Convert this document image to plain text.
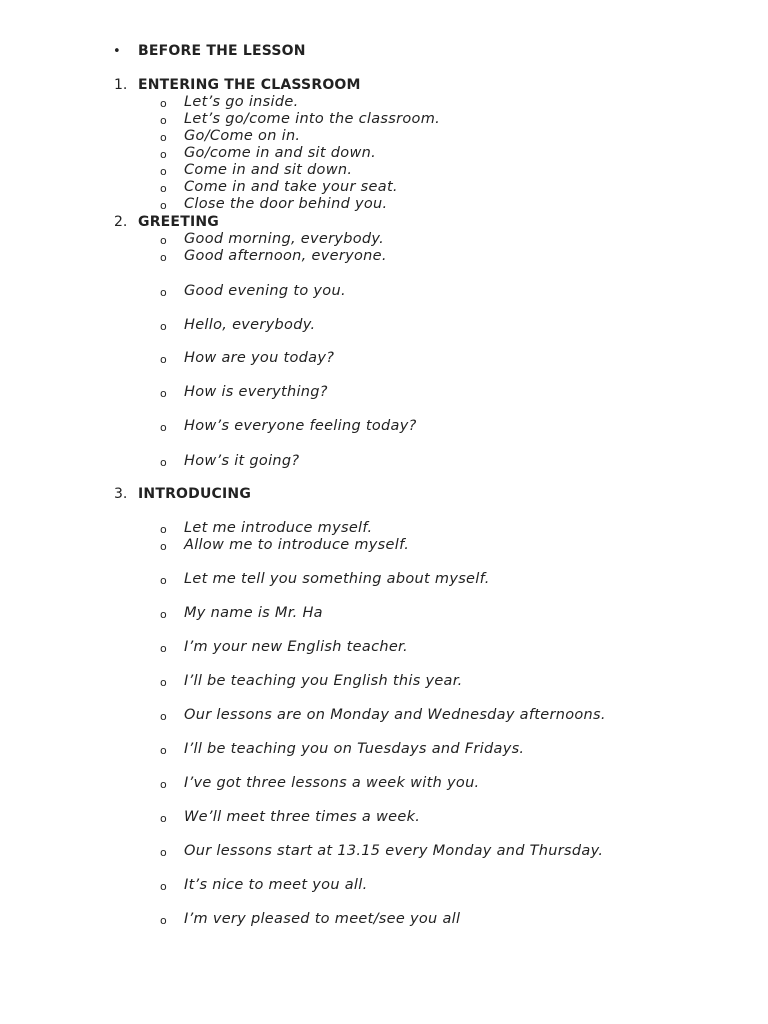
• BEFORE THE LESSON
1. ENTERING THE CLASSROOM
o Let’s go inside.
o Let’s go/come into the classroom.
o Go/Come on in.
o Go/come in and sit down.
o Come in and sit down.
o Come in and take your seat.
o Close the door behind you.
2. GREETING
o Good morning, everybody.
o Good afternoon, everyone.
o Good evening to you.
o Hello, everybody.
o How are you today?
o How is everything?
o How’s everyone feeling today?
o How’s it going?
3. INTRODUCING
o Let me introduce myself.
o Allow me to introduce myself.
o Let me tell you something about myself.
o My name is Mr. Ha
o I’m your new English teacher.
o I’ll be teaching you English this year.
o Our lessons are on Monday and Wednesday afternoons.
o I’ll be teaching you on Tuesdays and Fridays.
o I’ve got three lessons a week with you.
o We’ll meet three times a week.
o Our lessons start at 13.15 every Monday and Thursday.
o It’s nice to meet you all.
o I’m very pleased to meet/see you all
